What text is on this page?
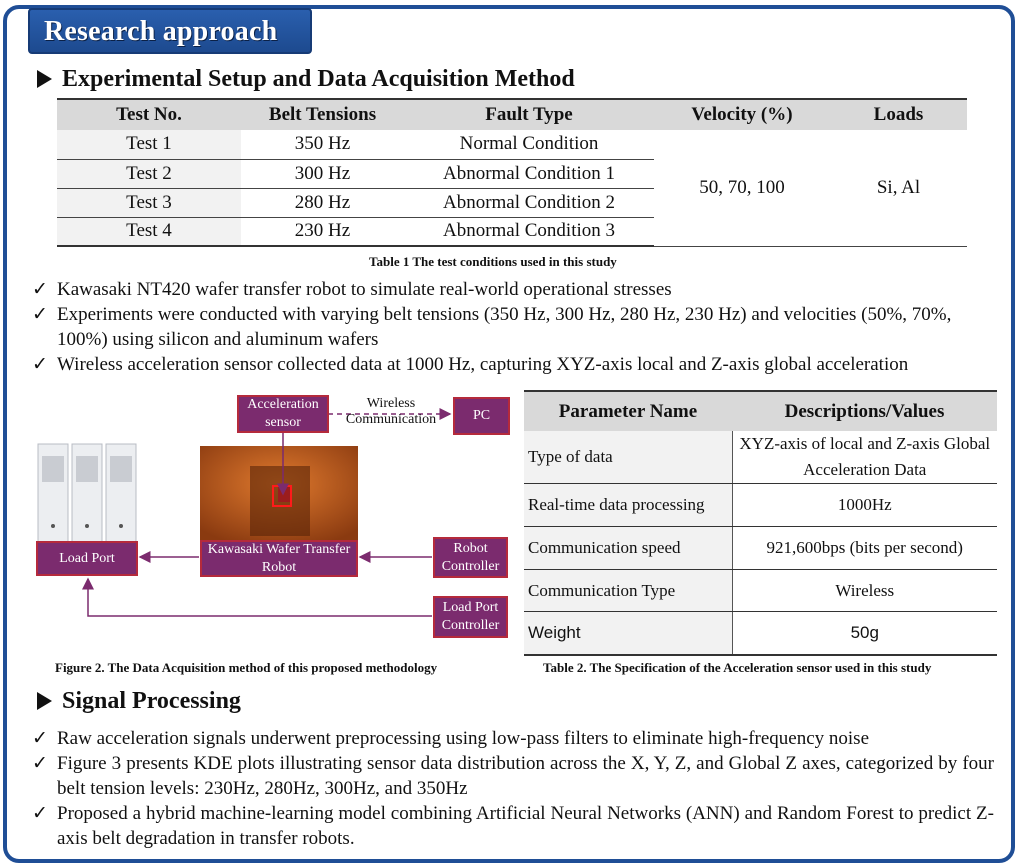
Research approach
Experimental Setup and Data Acquisition Method
Test No.	Belt Tensions	Fault Type	Velocity (%)	Loads
Test 1	350 Hz	Normal Condition	50, 70, 100	Si, Al
Test 2	300 Hz	Abnormal Condition 1		
Test 3	280 Hz	Abnormal Condition 2		
Test 4	230 Hz	Abnormal Condition 3		
Table 1 The test conditions used in this study
✓ Kawasaki NT420 wafer transfer robot to simulate real-world operational stresses
✓ Experiments were conducted with varying belt tensions (350 Hz, 300 Hz, 280 Hz, 230 Hz) and velocities (50%, 70%, 100%) using silicon and aluminum wafers
✓ Wireless acceleration sensor collected data at 1000 Hz, capturing XYZ-axis local and Z-axis global acceleration
Acceleration sensor
Wireless Communication	PC
Load Port
Kawasaki Wafer Transfer Robot
Robot Controller
Load Port Controller
Figure 2. The Data Acquisition method of this proposed methodology
Parameter Name	Descriptions/Values
Type of data	XYZ-axis of local and Z-axis Global Acceleration Data
Real-time data processing	1000Hz
Communication speed	921,600bps (bits per second)
Communication Type	Wireless
Weight	50g
Table 2. The Specification of the Acceleration sensor used in this study
Signal Processing
✓ Raw acceleration signals underwent preprocessing using low-pass filters to eliminate high-frequency noise
✓ Figure 3 presents KDE plots illustrating sensor data distribution across the X, Y, Z, and Global Z axes, categorized by four belt tension levels: 230Hz, 280Hz, 300Hz, and 350Hz
✓ Proposed a hybrid machine-learning model combining Artificial Neural Networks (ANN) and Random Forest to predict Z-axis belt degradation in transfer robots.
